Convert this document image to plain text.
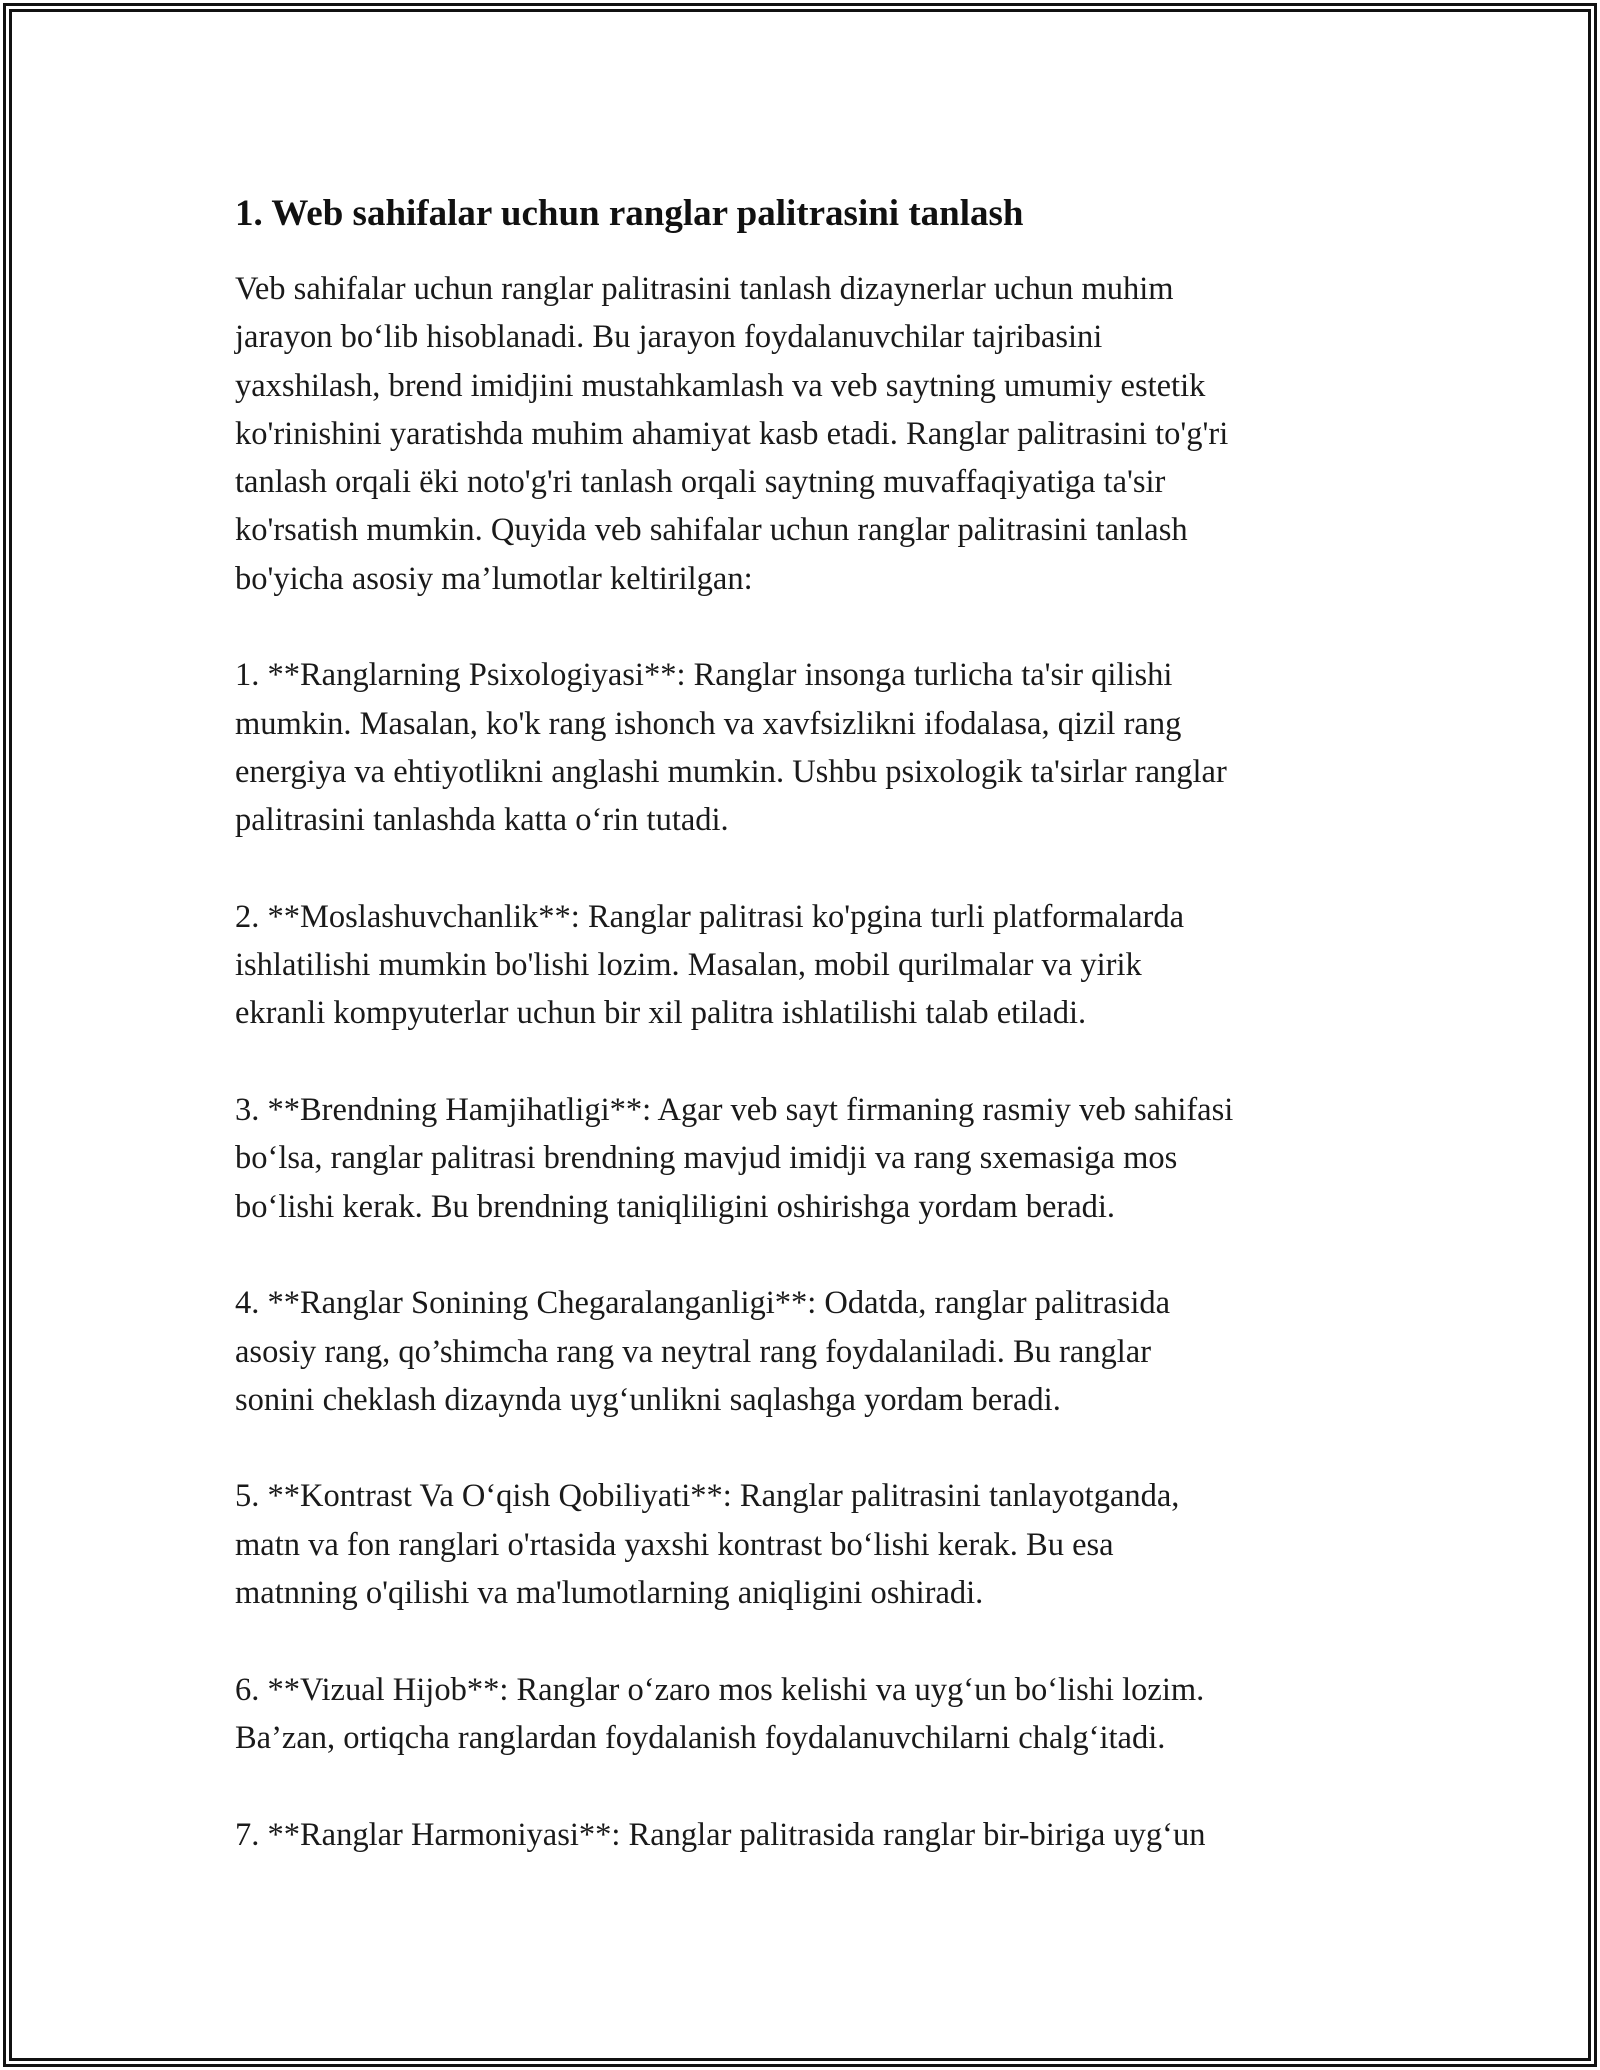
1. Web sahifalar uchun ranglar palitrasini tanlash

Veb sahifalar uchun ranglar palitrasini tanlash dizaynerlar uchun muhim
jarayon bo‘lib hisoblanadi. Bu jarayon foydalanuvchilar tajribasini
yaxshilash, brend imidjini mustahkamlash va veb saytning umumiy estetik
ko'rinishini yaratishda muhim ahamiyat kasb etadi. Ranglar palitrasini to'g'ri
tanlash orqali ëki noto'g'ri tanlash orqali saytning muvaffaqiyatiga ta'sir
ko'rsatish mumkin. Quyida veb sahifalar uchun ranglar palitrasini tanlash
bo'yicha asosiy ma’lumotlar keltirilgan:

1. **Ranglarning Psixologiyasi**: Ranglar insonga turlicha ta'sir qilishi
mumkin. Masalan, ko'k rang ishonch va xavfsizlikni ifodalasa, qizil rang
energiya va ehtiyotlikni anglashi mumkin. Ushbu psixologik ta'sirlar ranglar
palitrasini tanlashda katta o‘rin tutadi.

2. **Moslashuvchanlik**: Ranglar palitrasi ko'pgina turli platformalarda
ishlatilishi mumkin bo'lishi lozim. Masalan, mobil qurilmalar va yirik
ekranli kompyuterlar uchun bir xil palitra ishlatilishi talab etiladi.

3. **Brendning Hamjihatligi**: Agar veb sayt firmaning rasmiy veb sahifasi
bo‘lsa, ranglar palitrasi brendning mavjud imidji va rang sxemasiga mos
bo‘lishi kerak. Bu brendning taniqliligini oshirishga yordam beradi.

4. **Ranglar Sonining Chegaralanganligi**: Odatda, ranglar palitrasida
asosiy rang, qo’shimcha rang va neytral rang foydalaniladi. Bu ranglar
sonini cheklash dizaynda uyg‘unlikni saqlashga yordam beradi.

5. **Kontrast Va O‘qish Qobiliyati**: Ranglar palitrasini tanlayotganda,
matn va fon ranglari o'rtasida yaxshi kontrast bo‘lishi kerak. Bu esa
matnning o'qilishi va ma'lumotlarning aniqligini oshiradi.

6. **Vizual Hijob**: Ranglar o‘zaro mos kelishi va uyg‘un bo‘lishi lozim.
Ba’zan, ortiqcha ranglardan foydalanish foydalanuvchilarni chalg‘itadi.

7. **Ranglar Harmoniyasi**: Ranglar palitrasida ranglar bir-biriga uyg‘un
